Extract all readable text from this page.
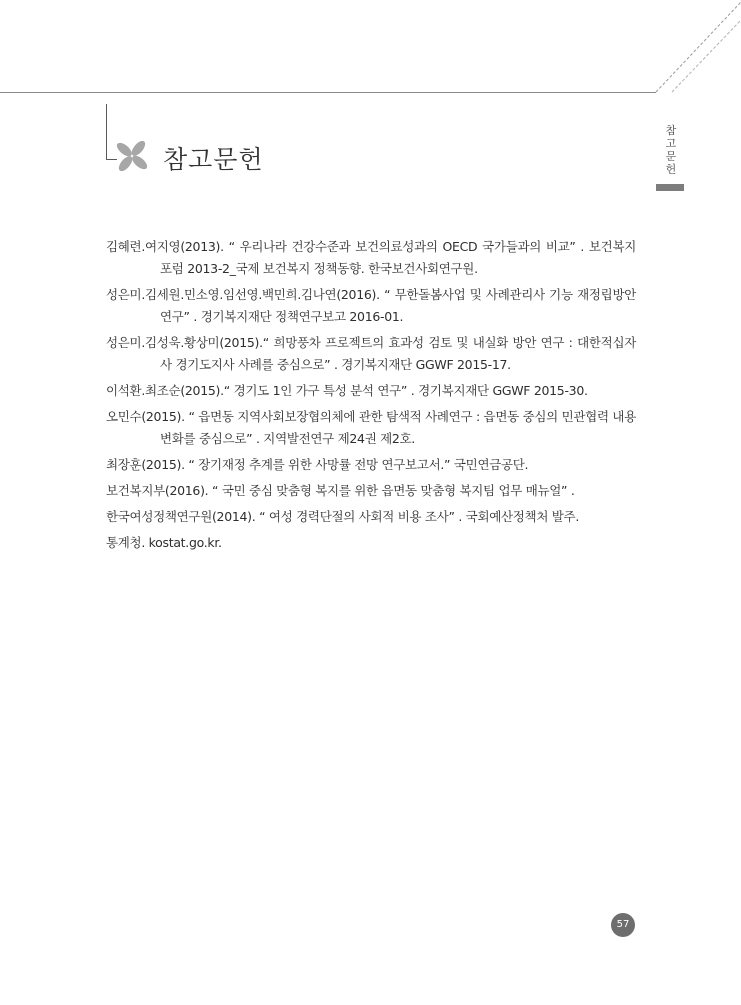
참고문헌
참
고
문
헌
김혜련.여지영(2013). “ 우리나라 건강수준과 보건의료성과의 OECD 국가들과의 비교” . 보건복지포럼 2013-2_국제 보건복지 정책동향. 한국보건사회연구원.
성은미.김세원.민소영.임선영.백민희.김나연(2016). “ 무한돌봄사업 및 사례관리사 기능 재정립방안 연구” . 경기복지재단 정책연구보고 2016-01.
성은미.김성욱.황상미(2015).“ 희망풍차 프로젝트의 효과성 검토 및 내실화 방안 연구 : 대한적십자사 경기도지사 사례를 중심으로” . 경기복지재단 GGWF 2015-17.
이석환.최조순(2015).“ 경기도 1인 가구 특성 분석 연구” . 경기복지재단 GGWF 2015-30.
오민수(2015). “ 읍면동 지역사회보장협의체에 관한 탐색적 사례연구 : 읍면동 중심의 민관협력 내용 변화를 중심으로” . 지역발전연구 제24권 제2호.
최장훈(2015). “ 장기재정 추계를 위한 사망률 전망 연구보고서.” 국민연금공단.
보건복지부(2016). “ 국민 중심 맞춤형 복지를 위한 읍면동 맞춤형 복지팀 업무 매뉴얼” .
한국여성정책연구원(2014). “ 여성 경력단절의 사회적 비용 조사” . 국회예산정책처 발주.
통계청. kostat.go.kr.
57
